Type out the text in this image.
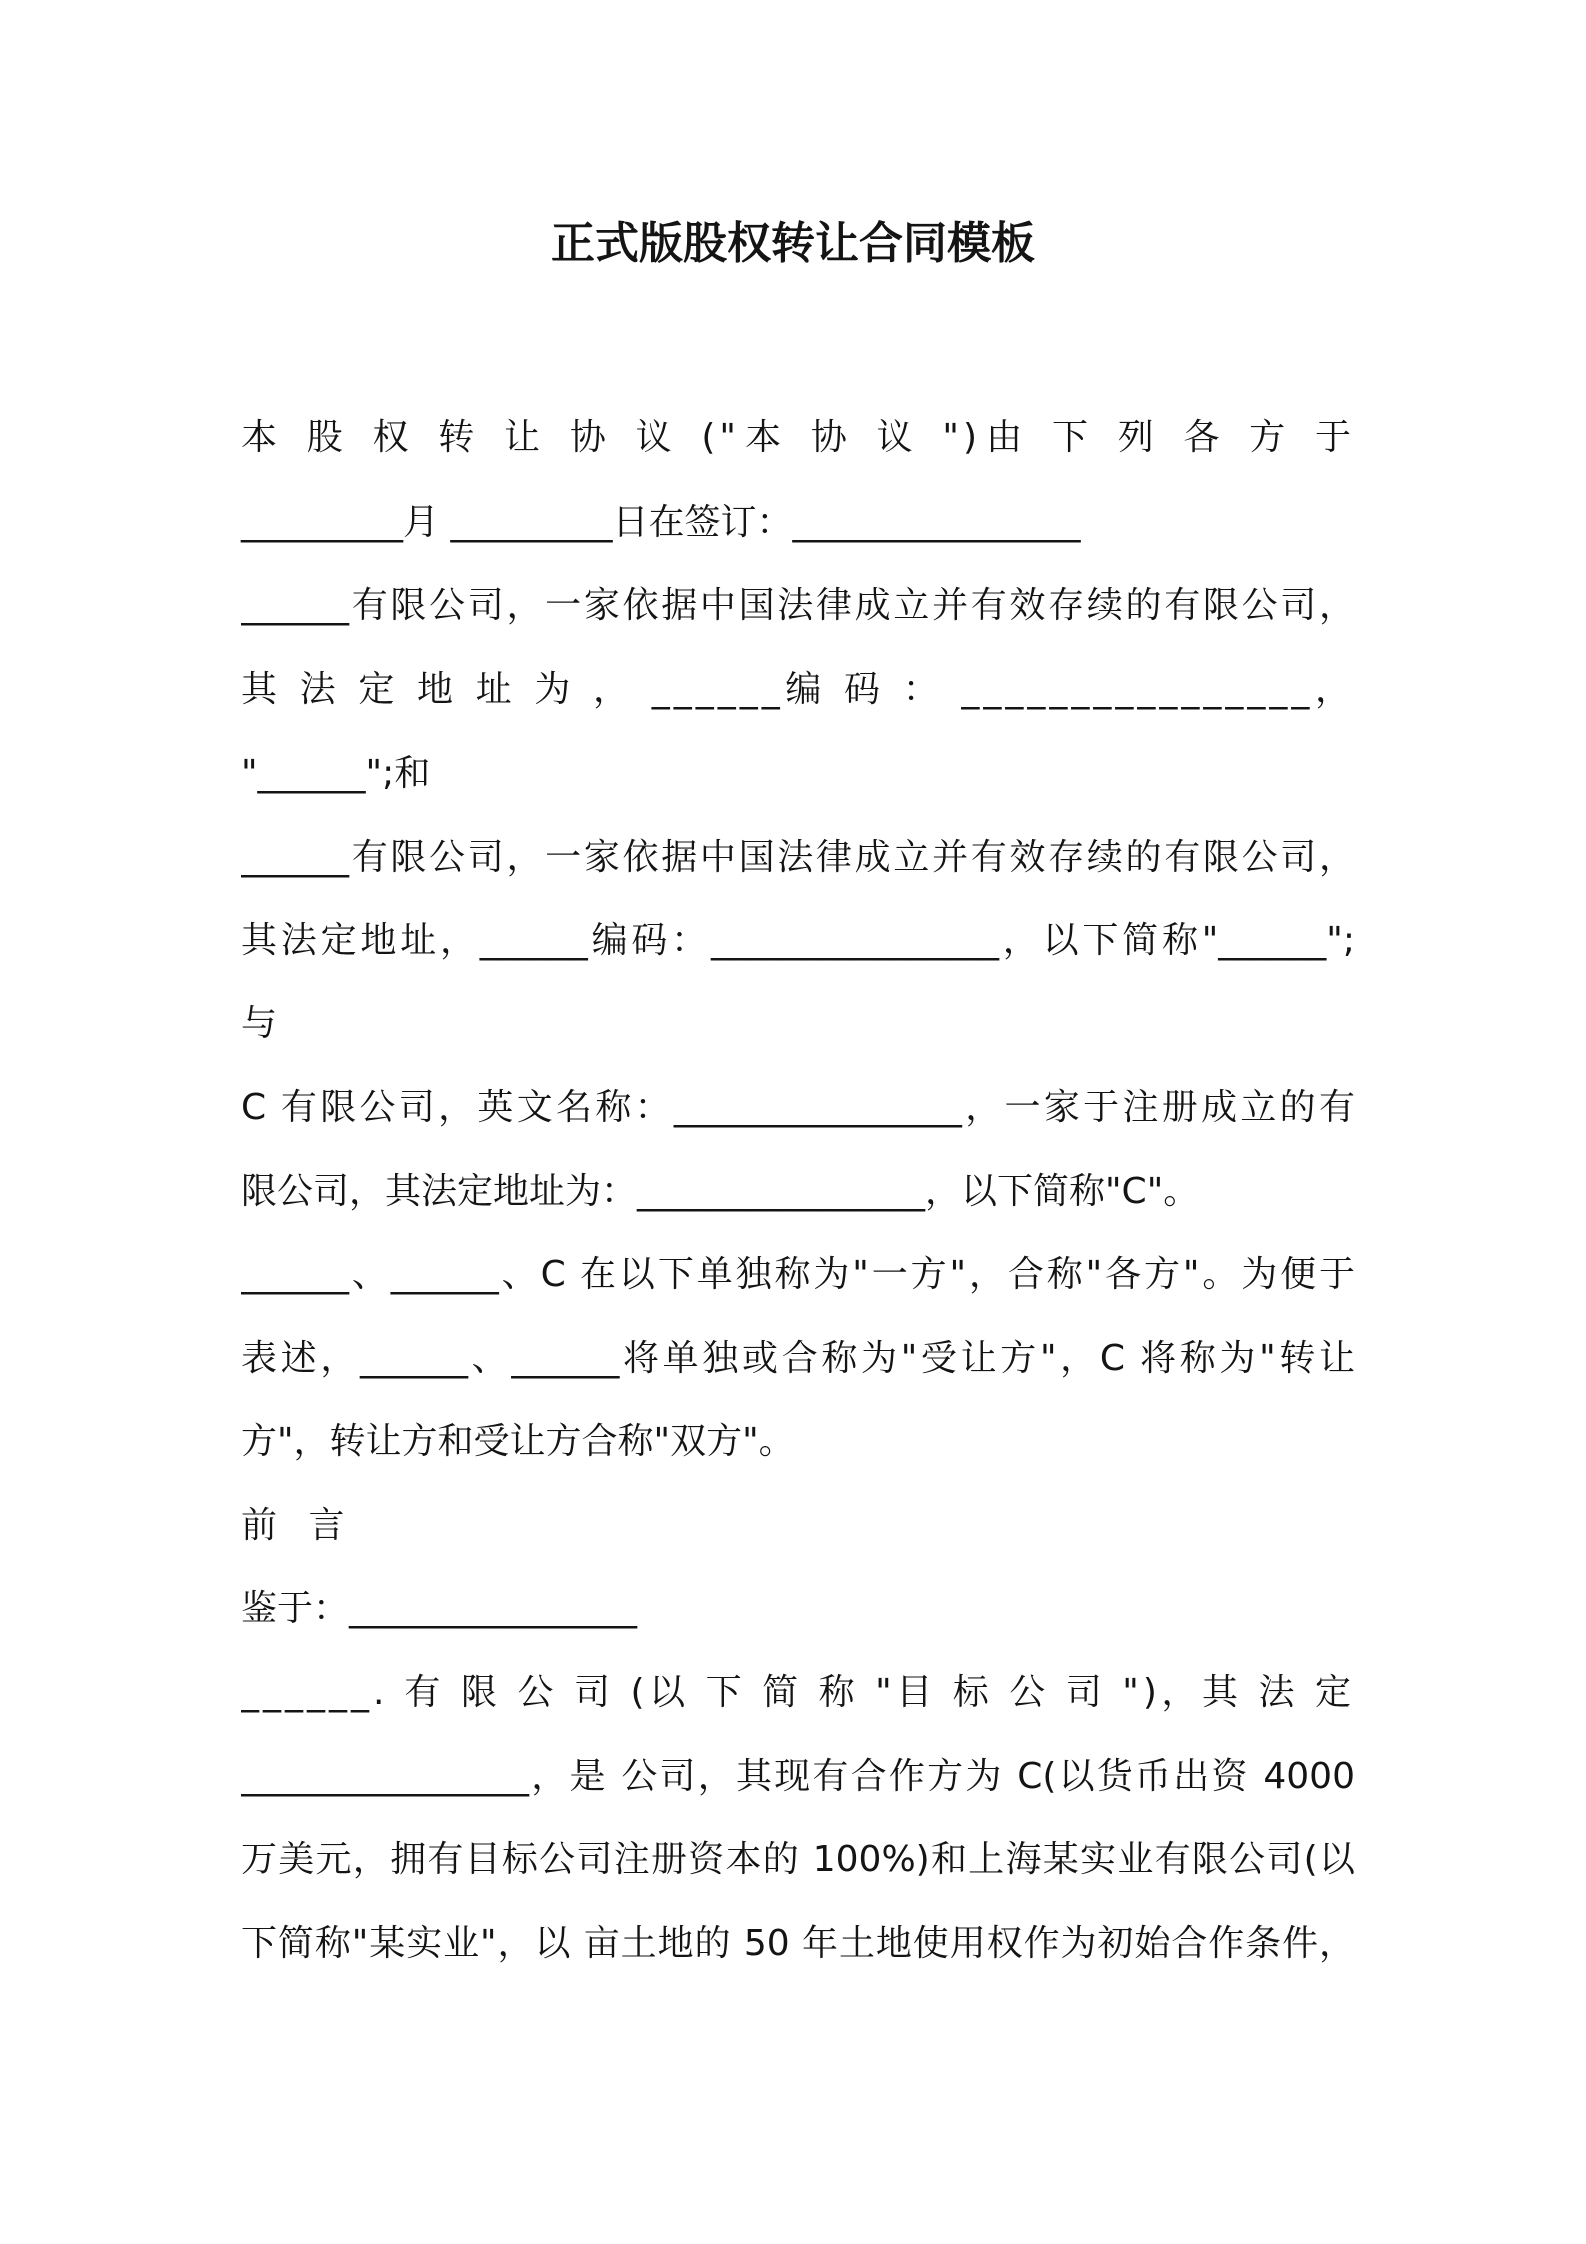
正式版股权转让合同模板
本 股 权 转 让 协 议 ("本 协 议 ")由 下 列 各 方 于
_________月 _________日在签订：________________
______有限公司，一家依据中国法律成立并有效存续的有限公司，
其 法 定 地 址 为 ， ______编 码 ： ________________，
"______";和
______有限公司，一家依据中国法律成立并有效存续的有限公司，
其法定地址，______编码：________________，以下简称"______";
与
C 有限公司，英文名称：________________，一家于注册成立的有
限公司，其法定地址为：________________，以下简称"C"。
______、______、C 在以下单独称为"一方"，合称"各方"。为便于
表述，______、______将单独或合称为"受让方"，C 将称为"转让
方"，转让方和受让方合称"双方"。
前 言
鉴于：________________
______. 有 限 公 司 (以 下 简 称 "目 标 公 司 ")，其 法 定
________________，是 公司，其现有合作方为 C(以货币出资 4000
万美元，拥有目标公司注册资本的 100%)和上海某实业有限公司(以
下简称"某实业"，以 亩土地的 50 年土地使用权作为初始合作条件，
